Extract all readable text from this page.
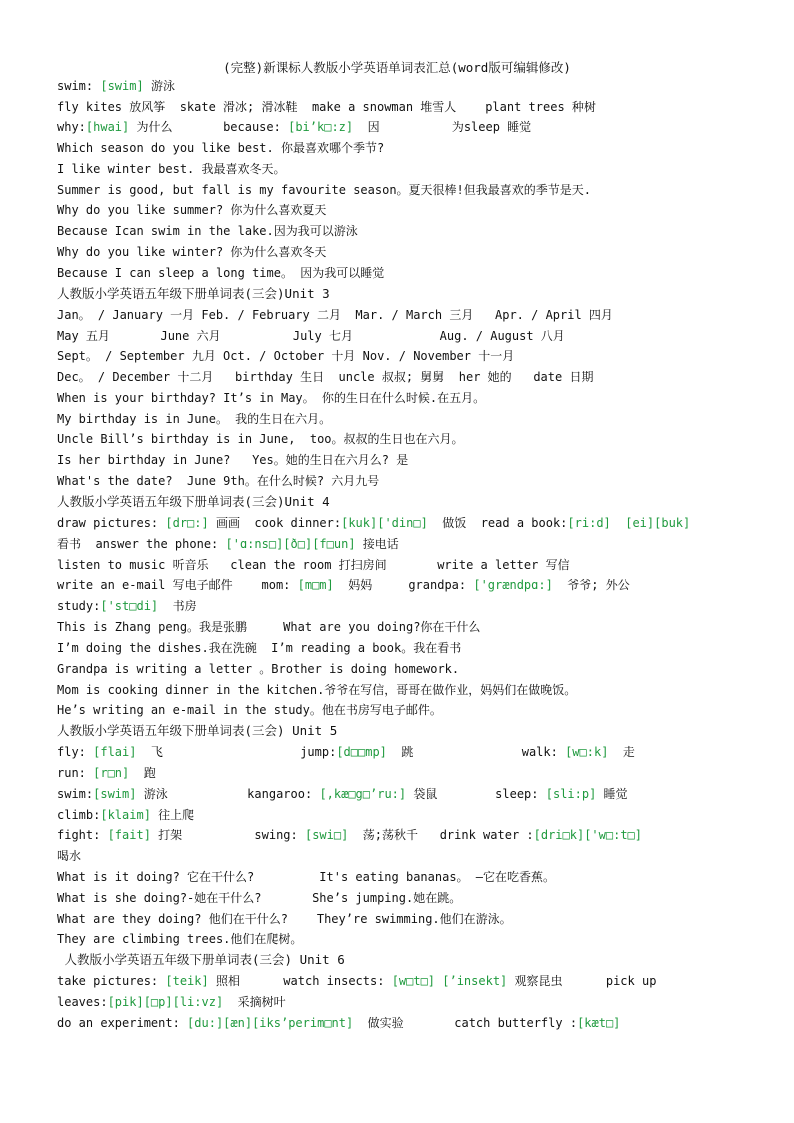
(完整)新课标人教版小学英语单词表汇总(word版可编辑修改)
swim: [swim] 游泳
fly kites 放风筝  skate 滑冰; 滑冰鞋  make a snowman 堆雪人    plant trees 种树
why:[hwai] 为什么       because: [bi’k□:z]  因          为sleep 睡觉
Which season do you like best. 你最喜欢哪个季节?
I like winter best. 我最喜欢冬天。
Summer is good, but fall is my favourite season。夏天很棒!但我最喜欢的季节是天.
Why do you like summer? 你为什么喜欢夏天
Because Ican swim in the lake.因为我可以游泳
Why do you like winter? 你为什么喜欢冬天
Because I can sleep a long time。 因为我可以睡觉
人教版小学英语五年级下册单词表(三会)Unit 3
Jan。 / January 一月 Feb. / February 二月  Mar. / March 三月   Apr. / April 四月
May 五月       June 六月          July 七月            Aug. / August 八月
Sept。 / September 九月 Oct. / October 十月 Nov. / November 十一月
Dec。 / December 十二月   birthday 生日  uncle 叔叔; 舅舅  her 她的   date 日期
When is your birthday? It’s in May。 你的生日在什么时候.在五月。
My birthday is in June。 我的生日在六月。
Uncle Bill’s birthday is in June,  too。叔叔的生日也在六月。
Is her birthday in June?   Yes。她的生日在六月么? 是
What's the date?  June 9th。在什么时候? 六月九号
人教版小学英语五年级下册单词表(三会)Unit 4
draw pictures: [dr□:] 画画  cook dinner:[kuk]['din□]  做饭  read a book:[ri:d]  [ei][buk]
看书  answer the phone: ['ɑ:ns□][ð□][f□un] 接电话
listen to music 听音乐   clean the room 打扫房间       write a letter 写信
write an e-mail 写电子邮件    mom: [m□m]  妈妈     grandpa: ['grændpɑ:]  爷爷; 外公
study:['st□di]  书房
This is Zhang peng。我是张鹏     What are you doing?你在干什么
I’m doing the dishes.我在洗碗  I’m reading a book。我在看书
Grandpa is writing a letter 。Brother is doing homework.
Mom is cooking dinner in the kitchen.爷爷在写信，哥哥在做作业，妈妈们在做晚饭。
He’s writing an e-mail in the study。他在书房写电子邮件。
人教版小学英语五年级下册单词表(三会) Unit 5
fly: [flai]  飞                   jump:[d□□mp]  跳               walk: [w□:k]  走
run: [r□n]  跑
swim:[swim] 游泳           kangaroo: [,kæ□g□’ru:] 袋鼠        sleep: [sli:p] 睡觉
climb:[klaim] 往上爬
fight: [fait] 打架          swing: [swi□]  荡;荡秋千   drink water :[dri□k]['w□:t□]
喝水
What is it doing? 它在干什么?         It's eating bananas。 —它在吃香蕉。
What is she doing?-她在干什么?       She’s jumping.她在跳。
What are they doing? 他们在干什么?    They’re swimming.他们在游泳。
They are climbing trees.他们在爬树。
人教版小学英语五年级下册单词表(三会) Unit 6
take pictures: [teik] 照相      watch insects: [w□t□] [’insekt] 观察昆虫      pick up
leaves:[pik][□p][li:vz]  采摘树叶
do an experiment: [du:][æn][iks’perim□nt]  做实验       catch butterfly :[kæt□]
